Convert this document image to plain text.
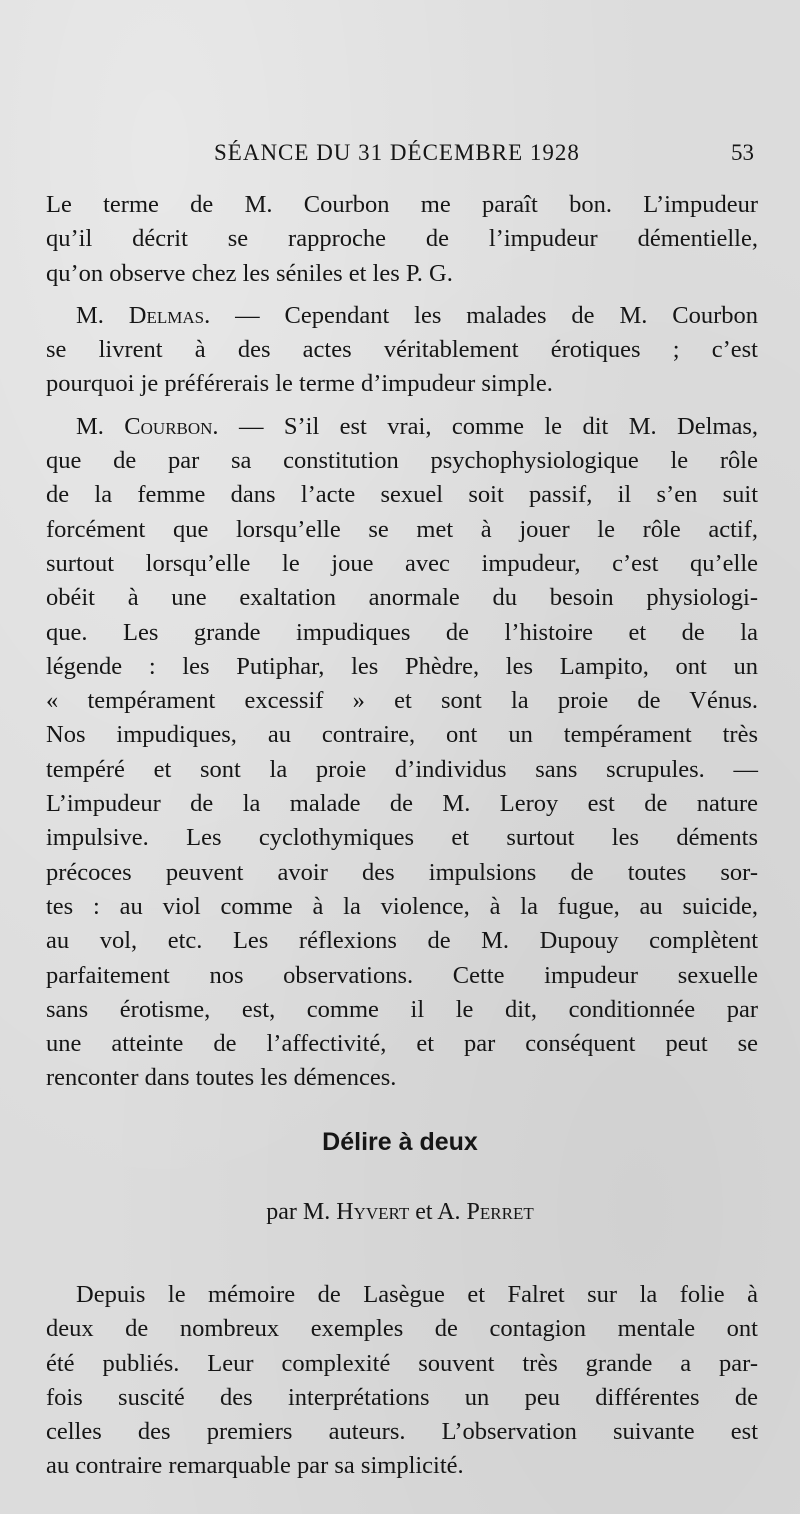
SÉANCE DU 31 DÉCEMBRE 1928	53
Le terme de M. Courbon me paraît bon. L’impudeur
qu’il décrit se rapproche de l’impudeur démentielle,
qu’on observe chez les séniles et les P. G.
M. Delmas. — Cependant les malades de M. Courbon
se livrent à des actes véritablement érotiques ; c’est
pourquoi je préférerais le terme d’impudeur simple.
M. Courbon. — S’il est vrai, comme le dit M. Delmas,
que de par sa constitution psychophysiologique le rôle
de la femme dans l’acte sexuel soit passif, il s’en suit
forcément que lorsqu’elle se met à jouer le rôle actif,
surtout lorsqu’elle le joue avec impudeur, c’est qu’elle
obéit à une exaltation anormale du besoin physiologi-
que. Les grande impudiques de l’histoire et de la
légende : les Putiphar, les Phèdre, les Lampito, ont un
« tempérament excessif » et sont la proie de Vénus.
Nos impudiques, au contraire, ont un tempérament très
tempéré et sont la proie d’individus sans scrupules. —
L’impudeur de la malade de M. Leroy est de nature
impulsive. Les cyclothymiques et surtout les déments
précoces peuvent avoir des impulsions de toutes sor-
tes : au viol comme à la violence, à la fugue, au suicide,
au vol, etc. Les réflexions de M. Dupouy complètent
parfaitement nos observations. Cette impudeur sexuelle
sans érotisme, est, comme il le dit, conditionnée par
une atteinte de l’affectivité, et par conséquent peut se
renconter dans toutes les démences.
Délire à deux
par M. Hyvert et A. Perret
Depuis le mémoire de Lasègue et Falret sur la folie à
deux de nombreux exemples de contagion mentale ont
été publiés. Leur complexité souvent très grande a par-
fois suscité des interprétations un peu différentes de
celles des premiers auteurs. L’observation suivante est
au contraire remarquable par sa simplicité.
